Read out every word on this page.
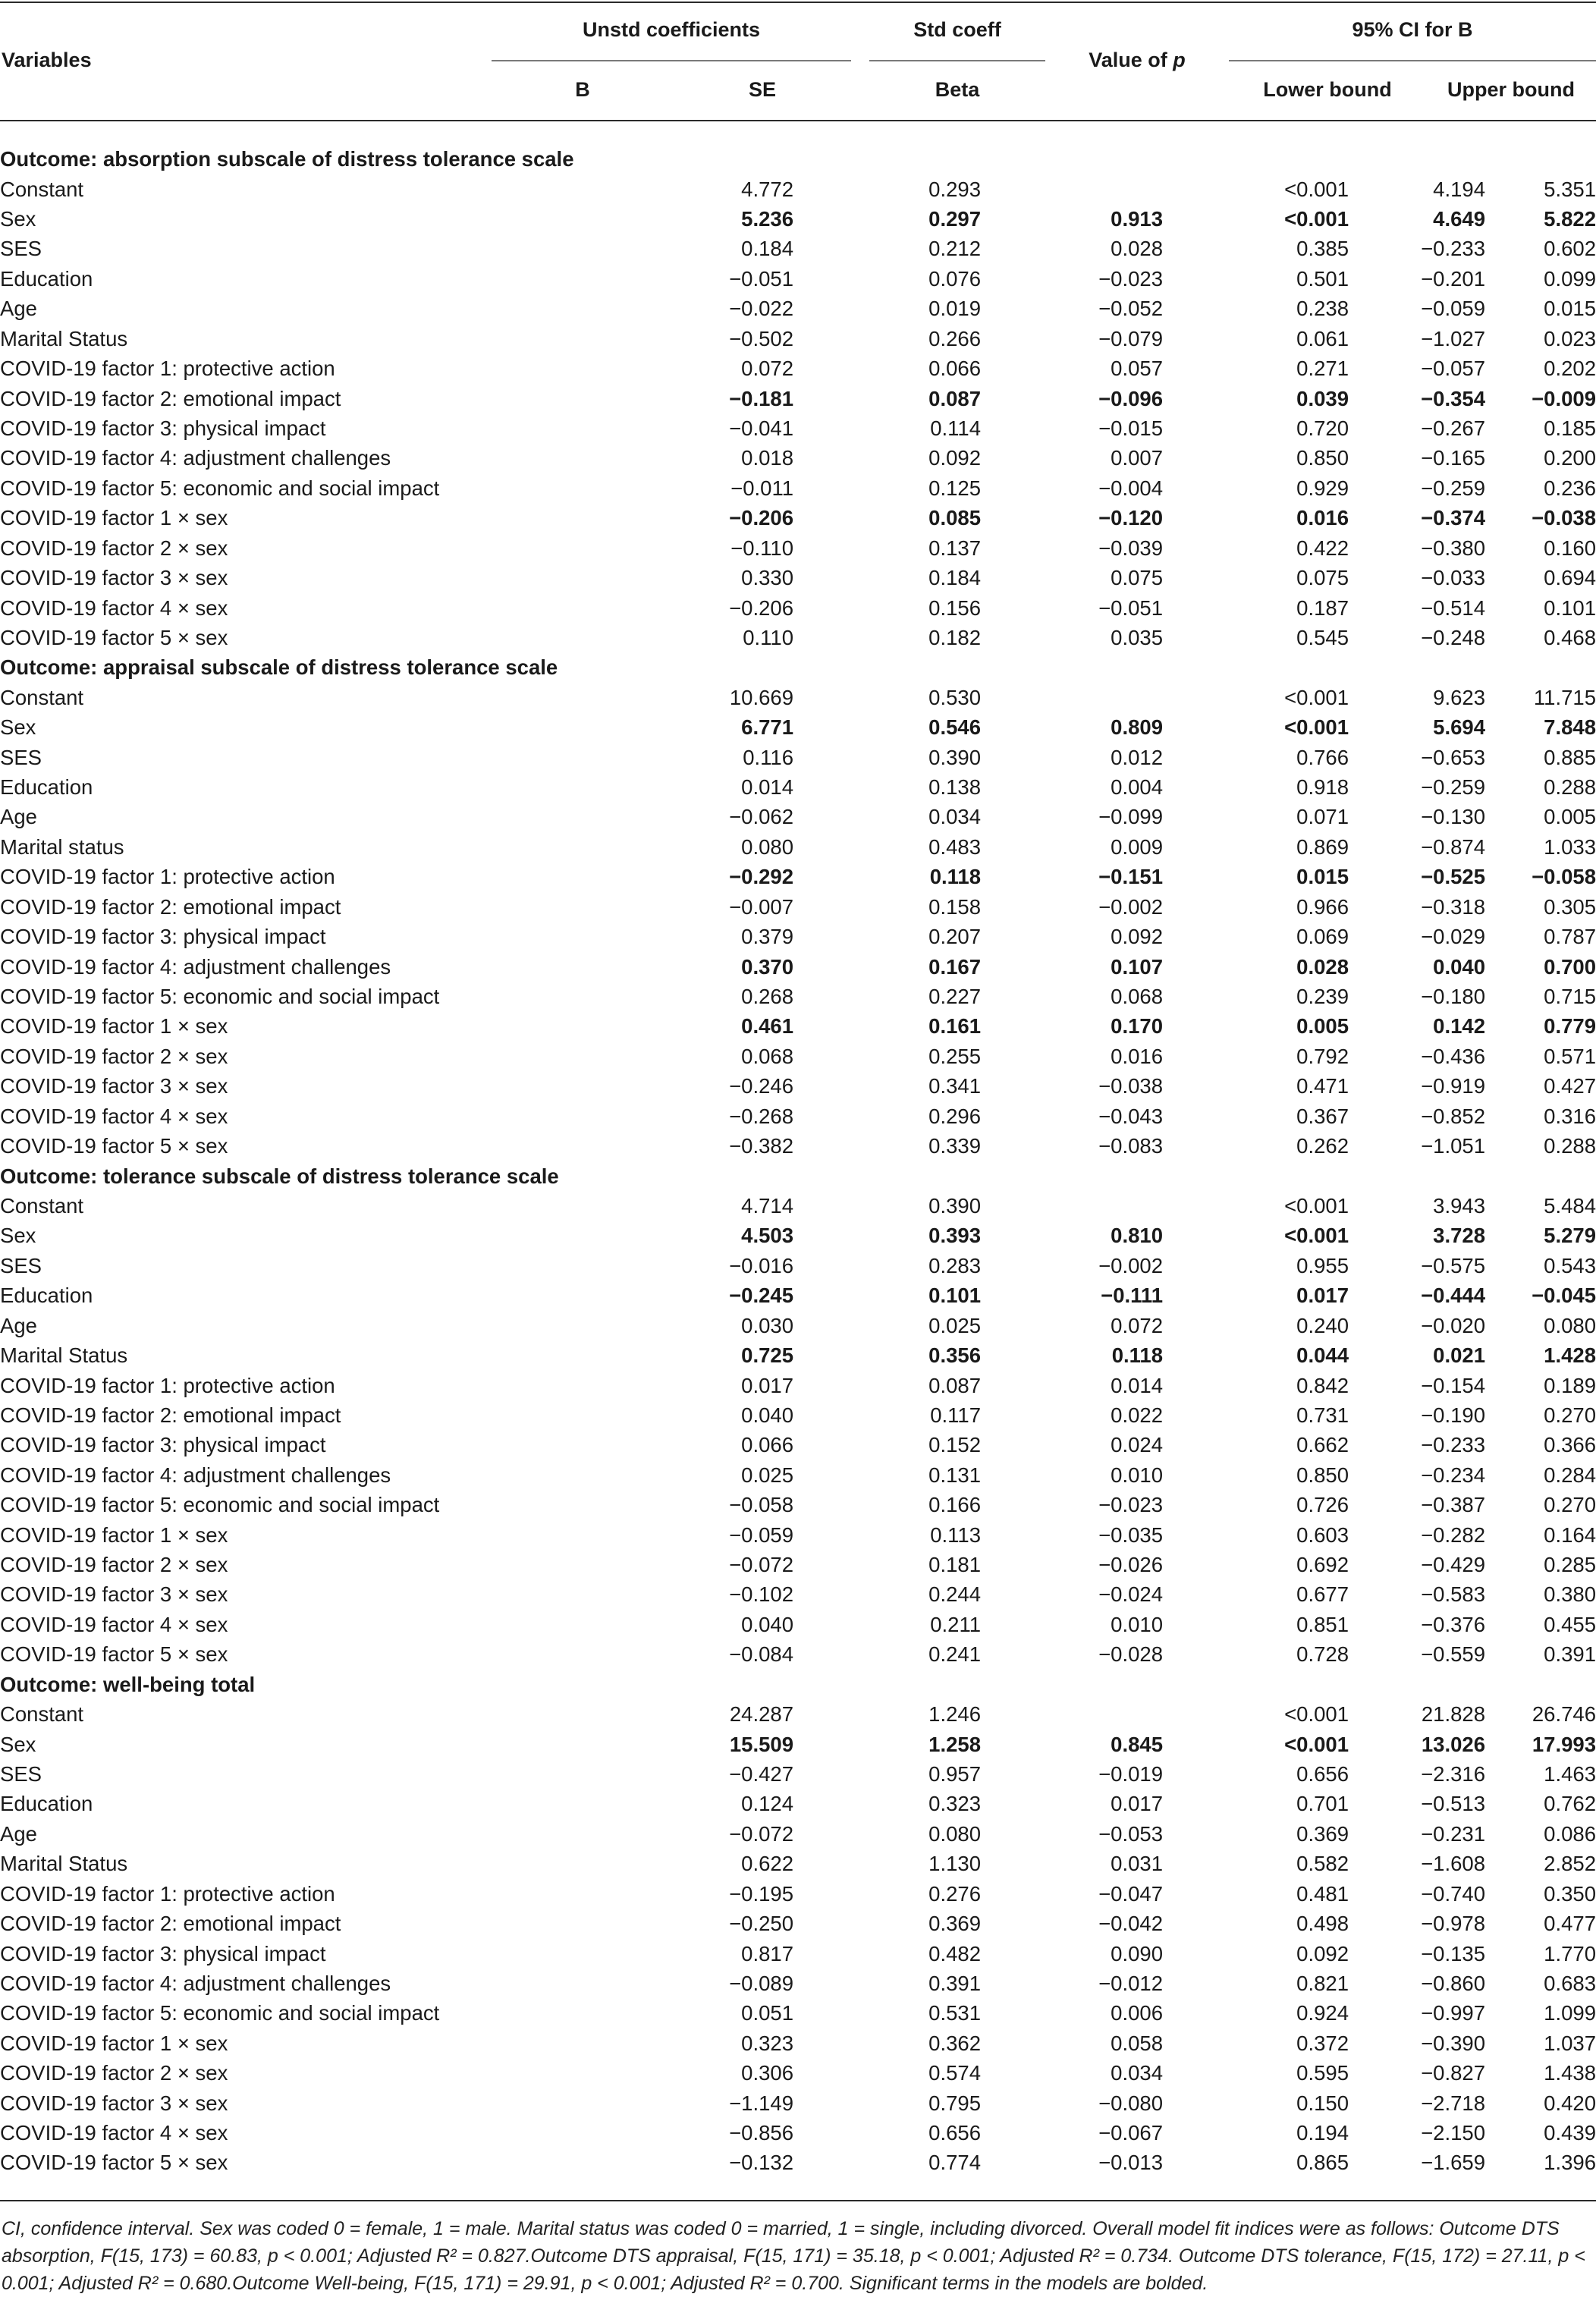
Variables
Unstd coefficients	Std coeff
Value of p
95% CI for B
B	SE	Beta	Lower bound	Upper bound
Outcome: absorption subscale of distress tolerance scale							
Constant		4.772	0.293		<0.001	4.194	5.351
Sex		5.236	0.297	0.913	<0.001	4.649	5.822
SES		0.184	0.212	0.028	0.385	−0.233	0.602
Education		−0.051	0.076	−0.023	0.501	−0.201	0.099
Age		−0.022	0.019	−0.052	0.238	−0.059	0.015
Marital Status		−0.502	0.266	−0.079	0.061	−1.027	0.023
COVID-19 factor 1: protective action		0.072	0.066	0.057	0.271	−0.057	0.202
COVID-19 factor 2: emotional impact		−0.181	0.087	−0.096	0.039	−0.354	−0.009
COVID-19 factor 3: physical impact		−0.041	0.114	−0.015	0.720	−0.267	0.185
COVID-19 factor 4: adjustment challenges		0.018	0.092	0.007	0.850	−0.165	0.200
COVID-19 factor 5: economic and social impact		−0.011	0.125	−0.004	0.929	−0.259	0.236
COVID-19 factor 1 × sex		−0.206	0.085	−0.120	0.016	−0.374	−0.038
COVID-19 factor 2 × sex		−0.110	0.137	−0.039	0.422	−0.380	0.160
COVID-19 factor 3 × sex		0.330	0.184	0.075	0.075	−0.033	0.694
COVID-19 factor 4 × sex		−0.206	0.156	−0.051	0.187	−0.514	0.101
COVID-19 factor 5 × sex		0.110	0.182	0.035	0.545	−0.248	0.468
Outcome: appraisal subscale of distress tolerance scale							
Constant		10.669	0.530		<0.001	9.623	11.715
Sex		6.771	0.546	0.809	<0.001	5.694	7.848
SES		0.116	0.390	0.012	0.766	−0.653	0.885
Education		0.014	0.138	0.004	0.918	−0.259	0.288
Age		−0.062	0.034	−0.099	0.071	−0.130	0.005
Marital status		0.080	0.483	0.009	0.869	−0.874	1.033
COVID-19 factor 1: protective action		−0.292	0.118	−0.151	0.015	−0.525	−0.058
COVID-19 factor 2: emotional impact		−0.007	0.158	−0.002	0.966	−0.318	0.305
COVID-19 factor 3: physical impact		0.379	0.207	0.092	0.069	−0.029	0.787
COVID-19 factor 4: adjustment challenges		0.370	0.167	0.107	0.028	0.040	0.700
COVID-19 factor 5: economic and social impact		0.268	0.227	0.068	0.239	−0.180	0.715
COVID-19 factor 1 × sex		0.461	0.161	0.170	0.005	0.142	0.779
COVID-19 factor 2 × sex		0.068	0.255	0.016	0.792	−0.436	0.571
COVID-19 factor 3 × sex		−0.246	0.341	−0.038	0.471	−0.919	0.427
COVID-19 factor 4 × sex		−0.268	0.296	−0.043	0.367	−0.852	0.316
COVID-19 factor 5 × sex		−0.382	0.339	−0.083	0.262	−1.051	0.288
Outcome: tolerance subscale of distress tolerance scale							
Constant		4.714	0.390		<0.001	3.943	5.484
Sex		4.503	0.393	0.810	<0.001	3.728	5.279
SES		−0.016	0.283	−0.002	0.955	−0.575	0.543
Education		−0.245	0.101	−0.111	0.017	−0.444	−0.045
Age		0.030	0.025	0.072	0.240	−0.020	0.080
Marital Status		0.725	0.356	0.118	0.044	0.021	1.428
COVID-19 factor 1: protective action		0.017	0.087	0.014	0.842	−0.154	0.189
COVID-19 factor 2: emotional impact		0.040	0.117	0.022	0.731	−0.190	0.270
COVID-19 factor 3: physical impact		0.066	0.152	0.024	0.662	−0.233	0.366
COVID-19 factor 4: adjustment challenges		0.025	0.131	0.010	0.850	−0.234	0.284
COVID-19 factor 5: economic and social impact		−0.058	0.166	−0.023	0.726	−0.387	0.270
COVID-19 factor 1 × sex		−0.059	0.113	−0.035	0.603	−0.282	0.164
COVID-19 factor 2 × sex		−0.072	0.181	−0.026	0.692	−0.429	0.285
COVID-19 factor 3 × sex		−0.102	0.244	−0.024	0.677	−0.583	0.380
COVID-19 factor 4 × sex		0.040	0.211	0.010	0.851	−0.376	0.455
COVID-19 factor 5 × sex		−0.084	0.241	−0.028	0.728	−0.559	0.391
Outcome: well-being total							
Constant		24.287	1.246		<0.001	21.828	26.746
Sex		15.509	1.258	0.845	<0.001	13.026	17.993
SES		−0.427	0.957	−0.019	0.656	−2.316	1.463
Education		0.124	0.323	0.017	0.701	−0.513	0.762
Age		−0.072	0.080	−0.053	0.369	−0.231	0.086
Marital Status		0.622	1.130	0.031	0.582	−1.608	2.852
COVID-19 factor 1: protective action		−0.195	0.276	−0.047	0.481	−0.740	0.350
COVID-19 factor 2: emotional impact		−0.250	0.369	−0.042	0.498	−0.978	0.477
COVID-19 factor 3: physical impact		0.817	0.482	0.090	0.092	−0.135	1.770
COVID-19 factor 4: adjustment challenges		−0.089	0.391	−0.012	0.821	−0.860	0.683
COVID-19 factor 5: economic and social impact		0.051	0.531	0.006	0.924	−0.997	1.099
COVID-19 factor 1 × sex		0.323	0.362	0.058	0.372	−0.390	1.037
COVID-19 factor 2 × sex		0.306	0.574	0.034	0.595	−0.827	1.438
COVID-19 factor 3 × sex		−1.149	0.795	−0.080	0.150	−2.718	0.420
COVID-19 factor 4 × sex		−0.856	0.656	−0.067	0.194	−2.150	0.439
COVID-19 factor 5 × sex		−0.132	0.774	−0.013	0.865	−1.659	1.396
CI, confidence interval. Sex was coded 0 = female, 1 = male. Marital status was coded 0 = married, 1 = single, including divorced. Overall model fit indices were as follows: Outcome DTS absorption, F(15, 173) = 60.83, p < 0.001; Adjusted R² = 0.827.Outcome DTS appraisal, F(15, 171) = 35.18, p < 0.001; Adjusted R² = 0.734. Outcome DTS tolerance, F(15, 172) = 27.11, p < 0.001; Adjusted R² = 0.680.Outcome Well-being, F(15, 171) = 29.91, p < 0.001; Adjusted R² = 0.700. Significant terms in the models are bolded.
